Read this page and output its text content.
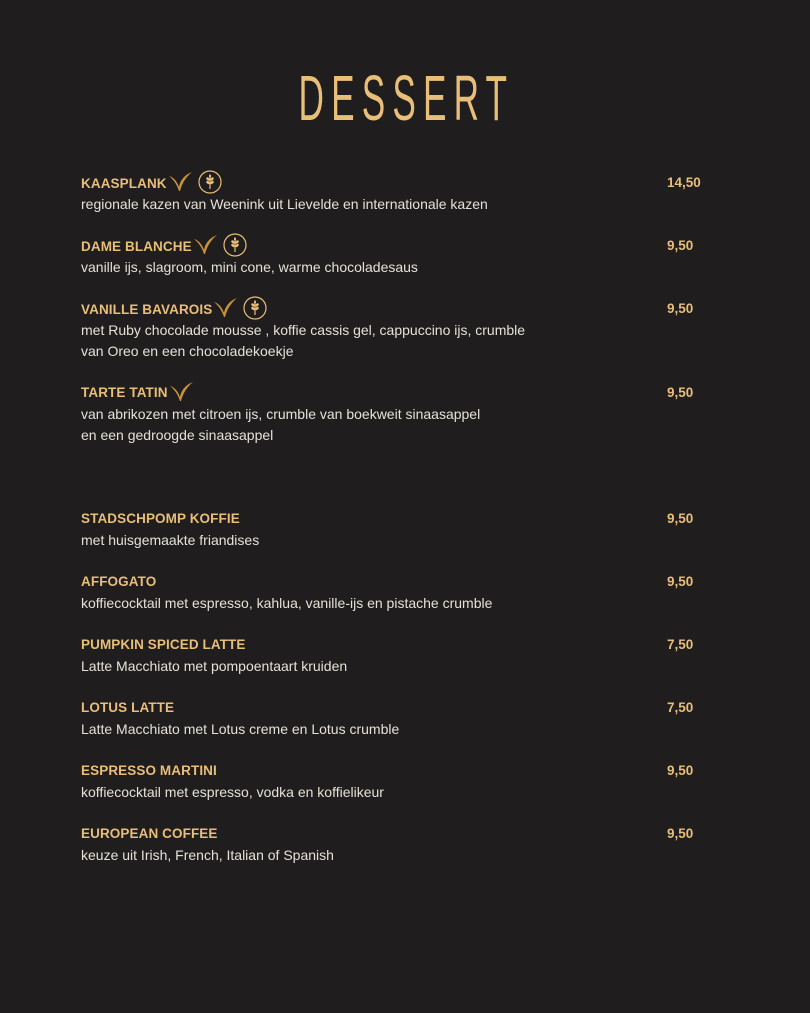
DESSERT
KAASPLANK	14,50
regionale kazen van Weenink uit Lievelde en internationale kazen
DAME BLANCHE	9,50
vanille ijs, slagroom, mini cone, warme chocoladesaus
VANILLE BAVAROIS	9,50
met Ruby chocolade mousse , koffie cassis gel, cappuccino ijs, crumble
van Oreo en een chocoladekoekje
TARTE TATIN	9,50
van abrikozen met citroen ijs, crumble van boekweit sinaasappel
en een gedroogde sinaasappel
STADSCHPOMP KOFFIE	9,50
met huisgemaakte friandises
AFFOGATO	9,50
koffiecocktail met espresso, kahlua, vanille-ijs en pistache crumble
PUMPKIN SPICED LATTE	7,50
Latte Macchiato met pompoentaart kruiden
LOTUS LATTE	7,50
Latte Macchiato met Lotus creme en Lotus crumble
ESPRESSO MARTINI	9,50
koffiecocktail met espresso, vodka en koffielikeur
EUROPEAN COFFEE	9,50
keuze uit Irish, French, Italian of Spanish
